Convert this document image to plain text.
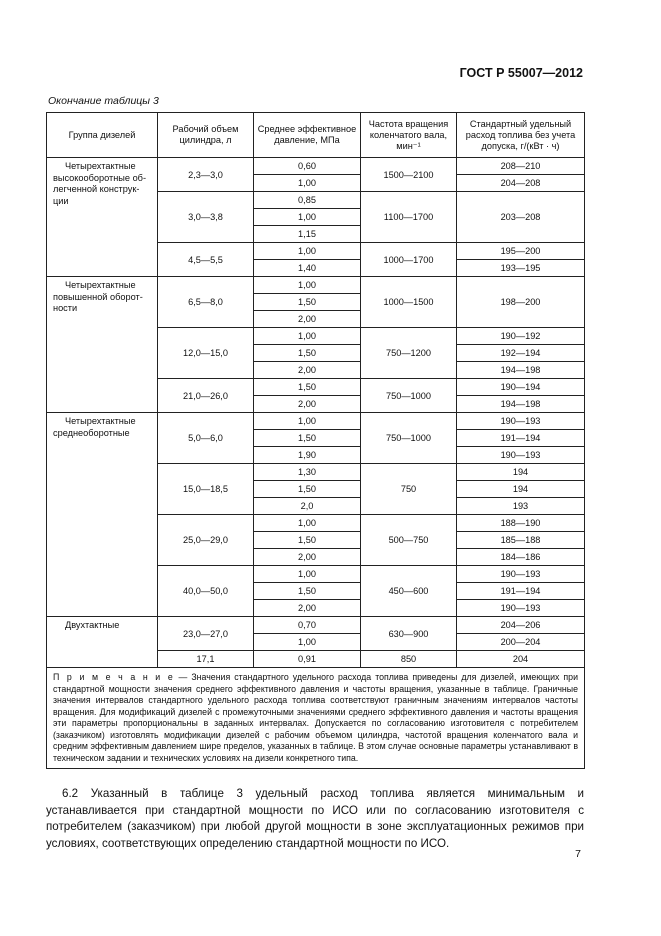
ГОСТ Р 55007—2012
Окончание таблицы 3
Группа дизелей	Рабочий объем цилиндра, л	Среднее эффективное давление, МПа	Частота вращения коленчатого вала, мин⁻¹	Стандартный удельный расход топлива без учета допуска, г/(кВт · ч)

Четырехтактные
высокооборотные об-
легченной конструк-
ции	2,3—3,0	0,60	1500—2100	208—210
		1,00		204—208
	3,0—3,8	0,85	1100—1700	203—208
		1,00		
		1,15		
	4,5—5,5	1,00	1000—1700	195—200
		1,40		193—195

Четырехтактные
повышенной оборот-
ности	6,5—8,0	1,00	1000—1500	198—200
		1,50		
		2,00		
	12,0—15,0	1,00	750—1200	190—192
		1,50		192—194
		2,00		194—198
	21,0—26,0	1,50	750—1000	190—194
		2,00		194—198

Четырехтактные
среднеоборотные	5,0—6,0	1,00	750—1000	190—193
		1,50		191—194
		1,90		190—193
	15,0—18,5	1,30	750	194
		1,50		194
		2,0		193
	25,0—29,0	1,00	500—750	188—190
		1,50		185—188
		2,00		184—186
	40,0—50,0	1,00	450—600	190—193
		1,50		191—194
		2,00		190—193

Двухтактные	23,0—27,0	0,70	630—900	204—206
		1,00		200—204
	17,1	0,91	850	204
П р и м е ч а н и е — Значения стандартного удельного расхода топлива приведены для дизелей, имеющих при стандартной мощности значения среднего эффективного давления и частоты вращения, указанные в таблице. Граничные значения интервалов стандартного удельного расхода топлива соответствуют граничным значениям интервалов частоты вращения. Для модификаций дизелей с промежуточными значениями среднего эффективного давления и частоты вращения эти параметры пропорциональны в заданных интервалах. Допускается по согласованию изготовителя с потребителем (заказчиком) изготовлять модификации дизелей с рабочим объемом цилиндра, частотой вращения коленчатого вала и средним эффективным давлением шире пределов, указанных в таблице. В этом случае основные параметры устанавливают в техническом задании и технических условиях на дизели конкретного типа.				
6.2 Указанный в таблице 3 удельный расход топлива является минимальным и устанавливается при стандартной мощности по ИСО или по согласованию изготовителя с потребителем (заказчиком) при любой другой мощности в зоне эксплуатационных режимов при условиях, соответствующих определению стандартной мощности по ИСО.
7
